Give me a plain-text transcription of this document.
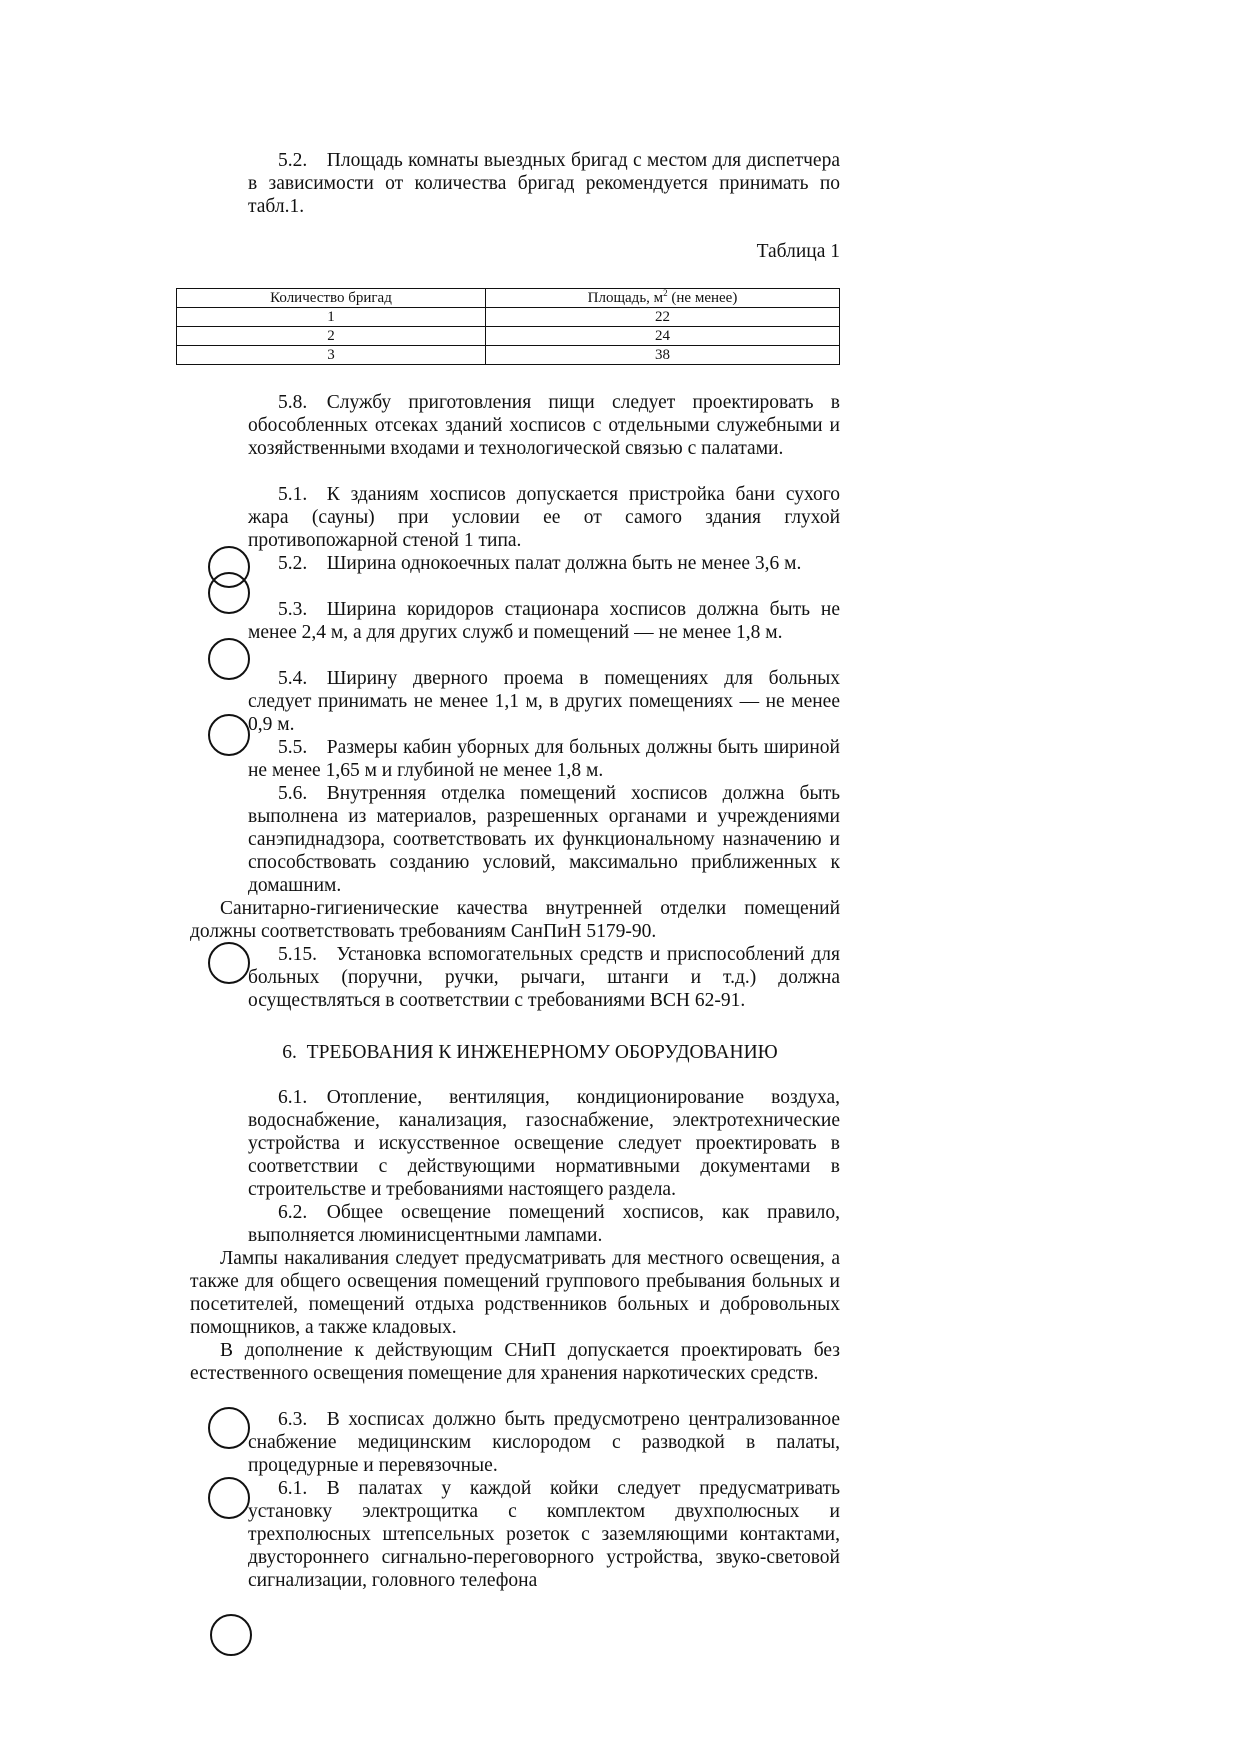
5.2. Площадь комнаты выездных бригад с местом для диспетчера в зависимости от количества бригад рекомендуется принимать по табл.1.

Таблица 1
Количество бригад	Площадь, $м^2$ (не менее)
1	22
2	24
3	38

5.8. Службу приготовления пищи следует проектировать в обособленных отсеках зданий хосписов с отдельными служебными и хозяйственными входами и технологической связью с палатами.

5.1. К зданиям хосписов допускается пристройка бани сухого жара (сауны) при условии ее от самого здания глухой противопожарной стеной 1 типа.

5.2. Ширина однокоечных палат должна быть не менее 3,6 м.

5.3. Ширина коридоров стационара хосписов должна быть не менее 2,4 м, а для других служб и помещений — не менее 1,8 м.

5.4. Ширину дверного проема в помещениях для больных следует принимать не менее 1,1 м, в других помещениях — не менее 0,9 м.

5.5. Размеры кабин уборных для больных должны быть шириной не менее 1,65 м и глубиной не менее 1,8 м.

5.6. Внутренняя отделка помещений хосписов должна быть выполнена из материалов, разрешенных органами и учреждениями санэпиднадзора, соответствовать их функциональному назначению и способствовать созданию условий, максимально приближенных к домашним.

Санитарно-гигиенические качества внутренней отделки помещений должны соответствовать требованиям СанПиН 5179-90.

5.15. Установка вспомогательных средств и приспособлений для больных (поручни, ручки, рычаги, штанги и т.д.) должна осуществляться в соответствии с требованиями ВСН 62-91.

6. ТРЕБОВАНИЯ К ИНЖЕНЕРНОМУ ОБОРУДОВАНИЮ

6.1. Отопление, вентиляция, кондиционирование воздуха, водоснабжение, канализация, газоснабжение, электротехнические устройства и искусственное освещение следует проектировать в соответствии с действующими нормативными документами в строительстве и требованиями настоящего раздела.

6.2. Общее освещение помещений хосписов, как правило, выполняется люминисцентными лампами.

Лампы накаливания следует предусматривать для местного освещения, а также для общего освещения помещений группового пребывания больных и посетителей, помещений отдыха родственников больных и добровольных помощников, а также кладовых.

В дополнение к действующим СНиП допускается проектировать без естественного освещения помещение для хранения наркотических средств.

6.3. В хосписах должно быть предусмотрено централизованное снабжение медицинским кислородом с разводкой в палаты, процедурные и перевязочные.

6.1. В палатах у каждой койки следует предусматривать установку электрощитка с комплектом двухполюсных и трехполюсных штепсельных розеток с заземляющими контактами, двустороннего сигнально-переговорного устройства, звуко-световой сигнализации, головного телефона
